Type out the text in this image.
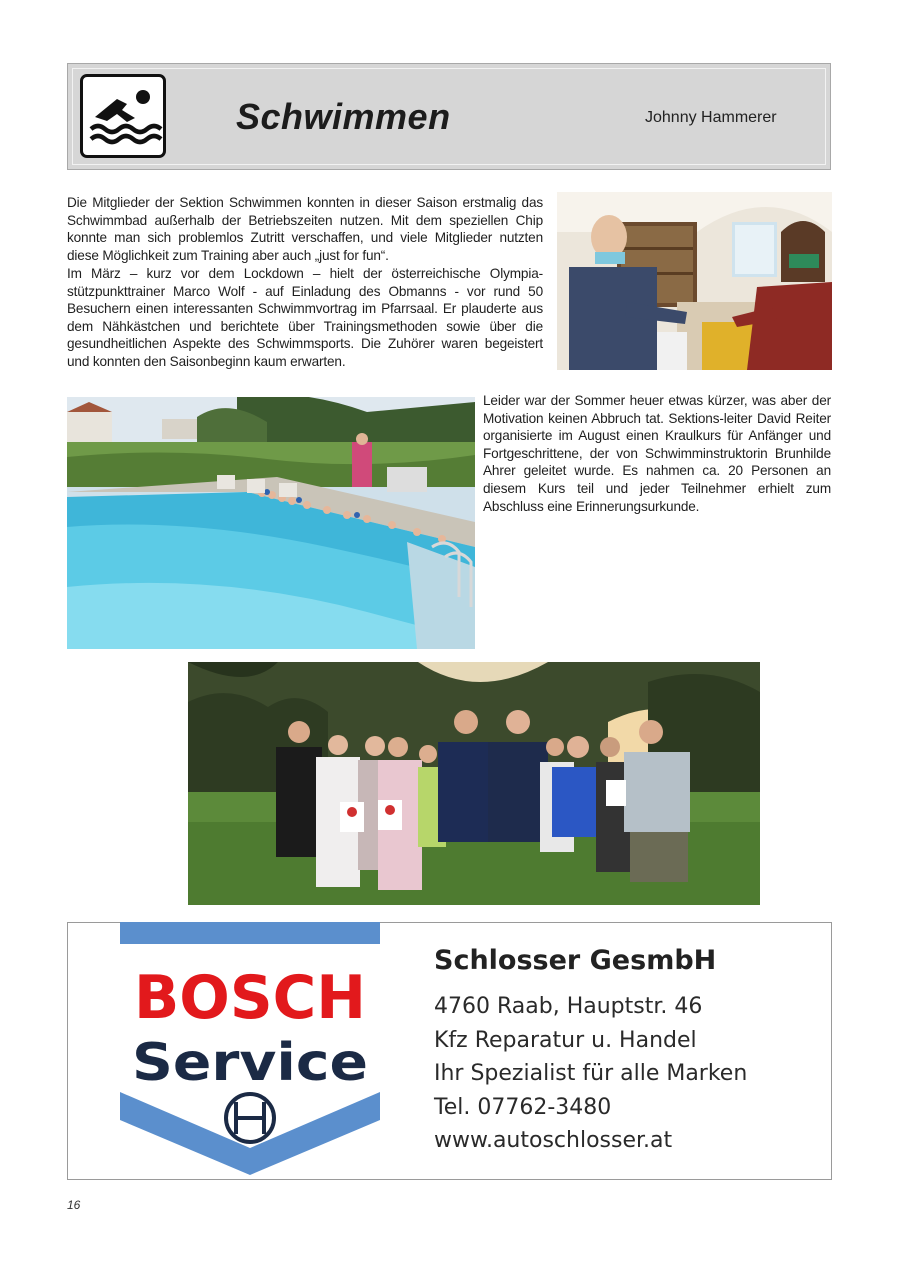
Schwimmen	Johnny Hammerer
Die Mitglieder der Sektion Schwimmen konnten in dieser Saison erstmalig das Schwimmbad außerhalb der Betriebszeiten nutzen. Mit dem speziellen Chip konnte man sich problemlos Zutritt verschaffen, und viele Mitglieder nutzten diese Möglichkeit zum Training aber auch „just for fun“.
Im März – kurz vor dem Lockdown – hielt der österreichische Olympia-stützpunkttrainer Marco Wolf - auf Einladung des Obmanns - vor rund 50 Besuchern einen interessanten Schwimmvortrag im Pfarrsaal. Er plauderte aus dem Nähkästchen und berichtete über Trainingsmethoden sowie über die gesundheitlichen Aspekte des Schwimmsports. Die Zuhörer waren begeistert und konnten den Saisonbeginn kaum erwarten.
Leider war der Sommer heuer etwas kürzer, was aber der Motivation keinen Abbruch tat. Sektions-leiter David Reiter organisierte im August einen Kraulkurs für Anfänger und Fortgeschrittene, der von Schwimminstruktorin Brunhilde Ahrer geleitet wurde. Es nahmen ca. 20 Personen an diesem Kurs teil und jeder Teilnehmer erhielt zum Abschluss eine Erinnerungsurkunde.
BOSCH
Service
Schlosser GesmbH
4760 Raab, Hauptstr. 46
Kfz Reparatur u. Handel
Ihr Spezialist für alle Marken
Tel. 07762-3480
www.autoschlosser.at
16
